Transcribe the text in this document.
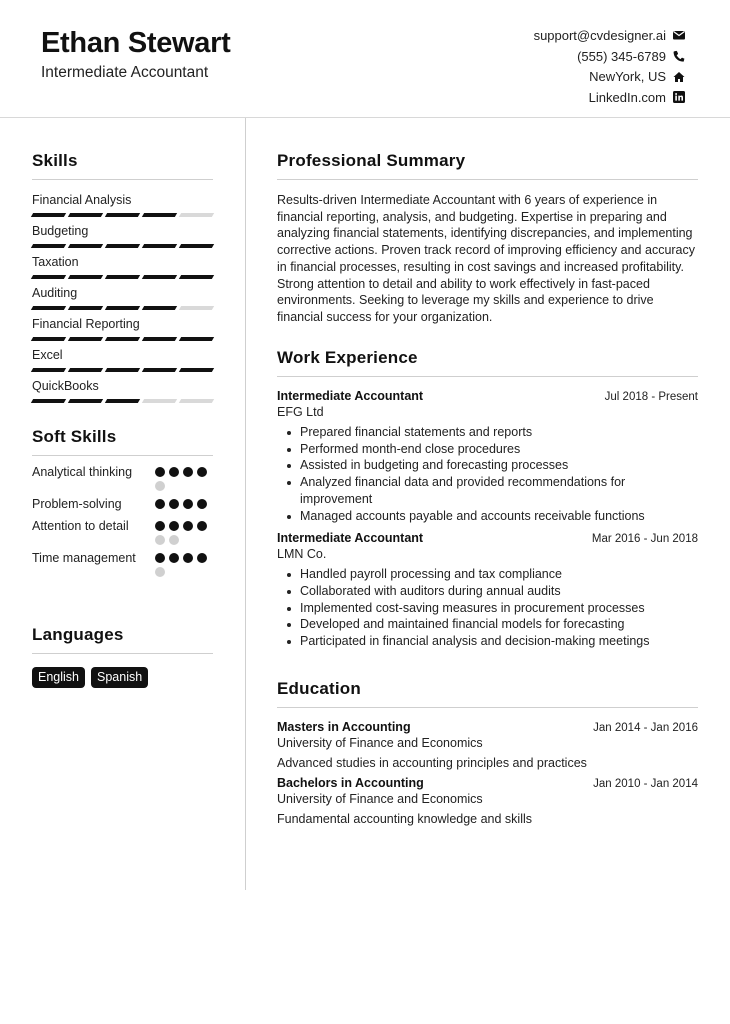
Ethan Stewart
Intermediate Accountant
support@cvdesigner.ai
(555) 345-6789
NewYork, US
LinkedIn.com
Skills
Financial Analysis
Budgeting
Taxation
Auditing
Financial Reporting
Excel
QuickBooks
Soft Skills
Analytical thinking
Problem-solving
Attention to detail
Time management
Languages
English	Spanish
Professional Summary

Results-driven Intermediate Accountant with 6 years of experience in financial reporting, analysis, and budgeting. Expertise in preparing and analyzing financial statements, identifying discrepancies, and implementing corrective actions. Proven track record of improving efficiency and accuracy in financial processes, resulting in cost savings and increased profitability. Strong attention to detail and ability to work effectively in fast-paced environments. Seeking to leverage my skills and experience to drive financial success for your organization.

Work Experience
Intermediate Accountant	Jul 2018 - Present
EFG Ltd
Prepared financial statements and reports
Performed month-end close procedures
Assisted in budgeting and forecasting processes
Analyzed financial data and provided recommendations for improvement
Managed accounts payable and accounts receivable functions
Intermediate Accountant	Mar 2016 - Jun 2018
LMN Co.
Handled payroll processing and tax compliance
Collaborated with auditors during annual audits
Implemented cost-saving measures in procurement processes
Developed and maintained financial models for forecasting
Participated in financial analysis and decision-making meetings
Education
Masters in Accounting	Jan 2014 - Jan 2016
University of Finance and Economics
Advanced studies in accounting principles and practices
Bachelors in Accounting	Jan 2010 - Jan 2014
University of Finance and Economics
Fundamental accounting knowledge and skills
